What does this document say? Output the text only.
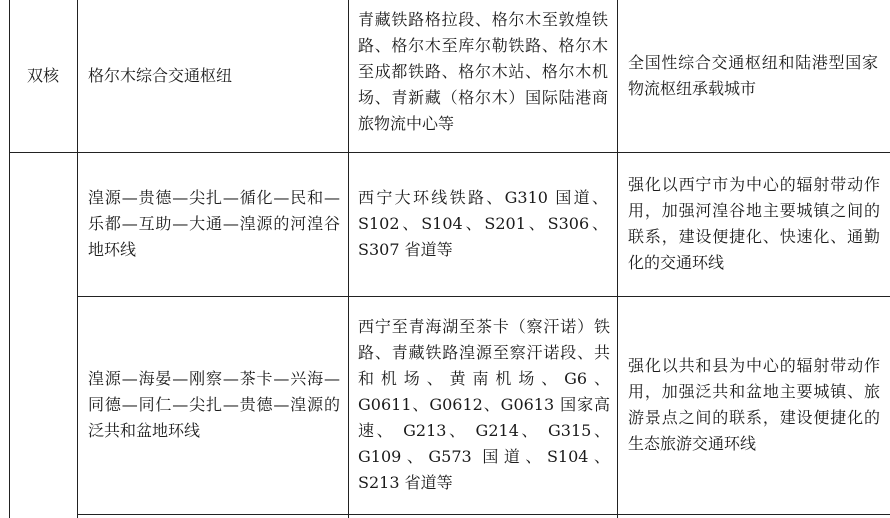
双核	格尔木综合交通枢纽
青藏铁路格拉段、格尔木至敦煌铁路、格尔木至库尔勒铁路、格尔木至成都铁路、格尔木站、格尔木机场、青新藏（格尔木）国际陆港商旅物流中心等
全国性综合交通枢纽和陆港型国家物流枢纽承载城市
湟源—贵德—尖扎—循化—民和—乐都—互助—大通—湟源的河湟谷地环线
西宁大环线铁路、G310 国道、S102、S104、S201、S306、S307 省道等
强化以西宁市为中心的辐射带动作用，加强河湟谷地主要城镇之间的联系，建设便捷化、快速化、通勤化的交通环线
湟源—海晏—刚察—茶卡—兴海—同德—同仁—尖扎—贵德—湟源的泛共和盆地环线
西宁至青海湖至茶卡（察汗诺）铁路、青藏铁路湟源至察汗诺段、共和机场、黄南机场、G6、G0611、G0612、G0613 国家高速、 G213、 G214、 G315、G109、G573 国道、S104、S213 省道等
强化以共和县为中心的辐射带动作用，加强泛共和盆地主要城镇、旅游景点之间的联系，建设便捷化的生态旅游交通环线
